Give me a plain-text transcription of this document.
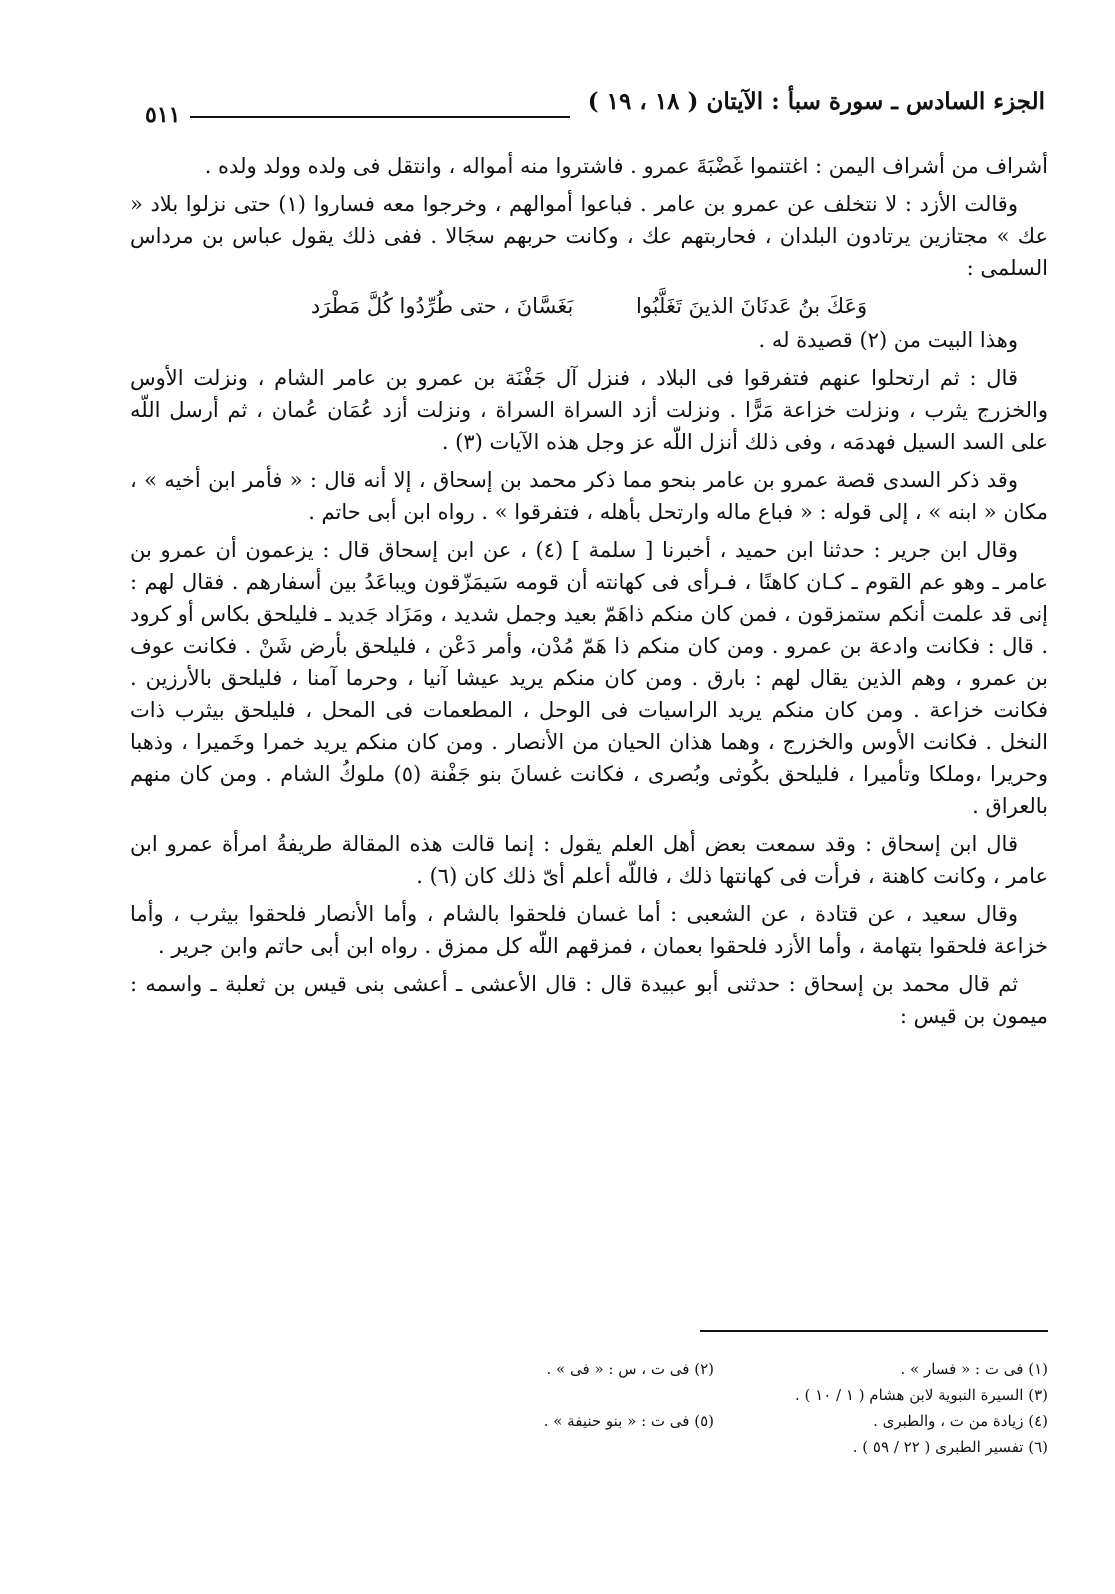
الجزء السادس ـ سورة سبأ : الآيتان ( ١٨ ، ١٩ )
٥١١

أشراف من أشراف اليمن : اغتنموا غَضْبَةَ عمرو . فاشتروا منه أمواله ، وانتقل فى ولده وولد ولده .

وقالت الأزد : لا نتخلف عن عمرو بن عامر . فباعوا أموالهم ، وخرجوا معه فساروا (١) حتى نزلوا بلاد « عك » مجتازين يرتادون البلدان ، فحاربتهم عك ، وكانت حربهم سجَالا . ففى ذلك يقول عباس بن مرداس السلمى :

وَعَكَ بنُ عَدنَانَ الذينَ تَغَلَّبُوا بَغَسَّانَ ، حتى طُرِّدُوا كُلَّ مَطْرَد

وهذا البيت من (٢) قصيدة له .

قال : ثم ارتحلوا عنهم فتفرقوا فى البلاد ، فنزل آل جَفْنَة بن عمرو بن عامر الشام ، ونزلت الأوس والخزرج يثرب ، ونزلت خزاعة مَرًّا . ونزلت أزد السراة السراة ، ونزلت أزد عُمَان عُمان ، ثم أرسل اللّه على السد السيل فهدمَه ، وفى ذلك أنزل اللّه عز وجل هذه الآيات (٣) .

وقد ذكر السدى قصة عمرو بن عامر بنحو مما ذكر محمد بن إسحاق ، إلا أنه قال : « فأمر ابن أخيه » ، مكان « ابنه » ، إلى قوله : « فباع ماله وارتحل بأهله ، فتفرقوا » . رواه ابن أبى حاتم .

وقال ابن جرير : حدثنا ابن حميد ، أخبرنا [ سلمة ] (٤) ، عن ابن إسحاق قال : يزعمون أن عمرو بن عامر ـ وهو عم القوم ـ كـان كاهنًا ، فـرأى فى كهانته أن قومه سَيمَزّقون ويباعَدُ بين أسفارهم . فقال لهم : إنى قد علمت أنكم ستمزقون ، فمن كان منكم ذاهَمّ بعيد وجمل شديد ، ومَزَاد جَديد ـ فليلحق بكاس أو كرود . قال : فكانت وادعة بن عمرو . ومن كان منكم ذا هَمّ مُدْن، وأمر دَعْن ، فليلحق بأرض شَنْ . فكانت عوف بن عمرو ، وهم الذين يقال لهم : بارق . ومن كان منكم يريد عيشا آنيا ، وحرما آمنا ، فليلحق بالأرزين . فكانت خزاعة . ومن كان منكم يريد الراسيات فى الوحل ، المطعمات فى المحل ، فليلحق بيثرب ذات النخل . فكانت الأوس والخزرج ، وهما هذان الحيان من الأنصار . ومن كان منكم يريد خمرا وخَميرا ، وذهبا وحريرا ،وملكا وتأميرا ، فليلحق بكُوثى وبُصرى ، فكانت غسانَ بنو جَفْنة (٥) ملوكُ الشام . ومن كان منهم بالعراق .

قال ابن إسحاق : وقد سمعت بعض أهل العلم يقول : إنما قالت هذه المقالة طريفةُ امرأة عمرو ابن عامر ، وكانت كاهنة ، فرأت فى كهانتها ذلك ، فاللّه أعلم أىّ ذلك كان (٦) .

وقال سعيد ، عن قتادة ، عن الشعبى : أما غسان فلحقوا بالشام ، وأما الأنصار فلحقوا بيثرب ، وأما خزاعة فلحقوا بتهامة ، وأما الأزد فلحقوا بعمان ، فمزقهم اللّه كل ممزق . رواه ابن أبى حاتم وابن جرير .

ثم قال محمد بن إسحاق : حدثنى أبو عبيدة قال : قال الأعشى ـ أعشى بنى قيس بن ثعلبة ـ واسمه : ميمون بن قيس :

(١) فى ت : « فسار » .
(٢) فى ت ، س : « فى » .
(٣) السيرة النبوية لابن هشام ( ١ / ١٠ ) .
(٤) زيادة من ت ، والطبرى .
(٥) فى ت : « بنو حنيفة » .
(٦) تفسير الطبرى ( ٢٢ / ٥٩ ) .
